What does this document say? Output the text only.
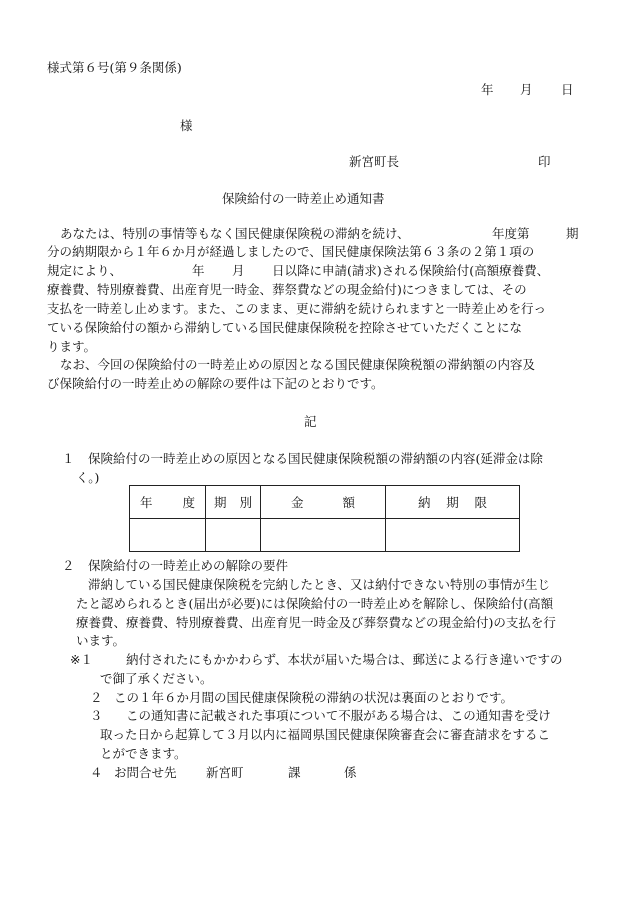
様式第６号(第９条関係)
年 月 日
様
新宮町長	印
保険給付の一時差止め通知書
あなたは、特別の事情等もなく国民健康保険税の滞納を続け、	年度第	期
分の納期限から１年６か月が経過しましたので、国民健康保険法第６３条の２第１項の
規定により、	年 月 日以降に申請(請求)される保険給付(高額療養費、
療養費、特別療養費、出産育児一時金、葬祭費などの現金給付)につきましては、その
支払を一時差し止めます。また、このまま、更に滞納を続けられますと一時差止めを行っ
ている保険給付の額から滞納している国民健康保険税を控除させていただくことにな
ります。
なお、今回の保険給付の一時差止めの原因となる国民健康保険税額の滞納額の内容及
び保険給付の一時差止めの解除の要件は下記のとおりです。
記
１ 保険給付の一時差止めの原因となる国民健康保険税額の滞納額の内容(延滞金は除
く。)
年 度	期 別	金 額	納 期 限

２ 保険給付の一時差止めの解除の要件
滞納している国民健康保険税を完納したとき、又は納付できない特別の事情が生じ
たと認められるとき(届出が必要)には保険給付の一時差止めを解除し、保険給付(高額
療養費、療養費、特別療養費、出産育児一時金及び葬祭費などの現金給付)の支払を行
います。
※１	納付されたにもかかわらず、本状が届いた場合は、郵送による行き違いですの
で御了承ください。
２ この１年６か月間の国民健康保険税の滞納の状況は裏面のとおりです。
３ この通知書に記載された事項について不服がある場合は、この通知書を受け
取った日から起算して３月以内に福岡県国民健康保険審査会に審査請求をするこ
とができます。
４ お問合せ先 新宮町	課	係
